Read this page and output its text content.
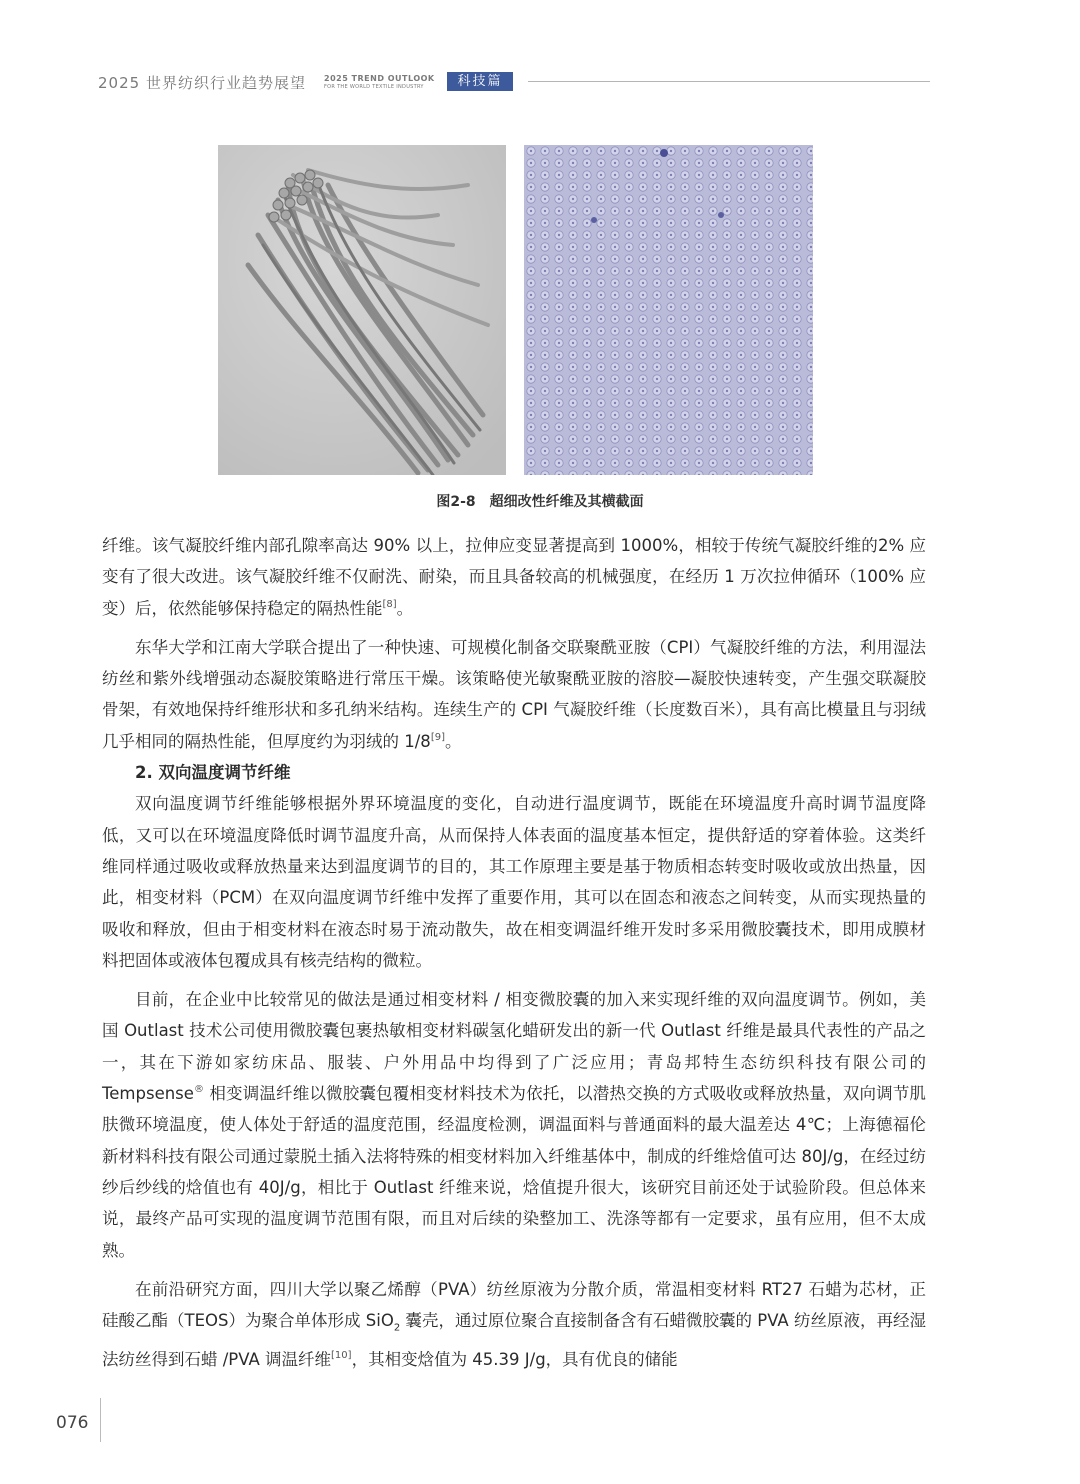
2025 世界纺织行业趋势展望 2025 TREND OUTLOOK
FOR THE WORLD TEXTILE INDUSTRY	科技篇
图2-8　超细改性纤维及其横截面

纤维。该气凝胶纤维内部孔隙率高达 90% 以上，拉伸应变显著提高到 1000%，相较于传统气凝胶纤维的2% 应变有了很大改进。该气凝胶纤维不仅耐洗、耐染，而且具备较高的机械强度，在经历 1 万次拉伸循环（100% 应变）后，依然能够保持稳定的隔热性能[8]。

东华大学和江南大学联合提出了一种快速、可规模化制备交联聚酰亚胺（CPI）气凝胶纤维的方法，利用湿法纺丝和紫外线增强动态凝胶策略进行常压干燥。该策略使光敏聚酰亚胺的溶胶—凝胶快速转变，产生强交联凝胶骨架，有效地保持纤维形状和多孔纳米结构。连续生产的 CPI 气凝胶纤维（长度数百米），具有高比模量且与羽绒几乎相同的隔热性能，但厚度约为羽绒的 1/8[9]。

2. 双向温度调节纤维

双向温度调节纤维能够根据外界环境温度的变化，自动进行温度调节，既能在环境温度升高时调节温度降低，又可以在环境温度降低时调节温度升高，从而保持人体表面的温度基本恒定，提供舒适的穿着体验。这类纤维同样通过吸收或释放热量来达到温度调节的目的，其工作原理主要是基于物质相态转变时吸收或放出热量，因此，相变材料（PCM）在双向温度调节纤维中发挥了重要作用，其可以在固态和液态之间转变，从而实现热量的吸收和释放，但由于相变材料在液态时易于流动散失，故在相变调温纤维开发时多采用微胶囊技术，即用成膜材料把固体或液体包覆成具有核壳结构的微粒。

目前，在企业中比较常见的做法是通过相变材料 / 相变微胶囊的加入来实现纤维的双向温度调节。例如，美国 Outlast 技术公司使用微胶囊包裹热敏相变材料碳氢化蜡研发出的新一代 Outlast 纤维是最具代表性的产品之一，其在下游如家纺床品、服装、户外用品中均得到了广泛应用；青岛邦特生态纺织科技有限公司的 Tempsense® 相变调温纤维以微胶囊包覆相变材料技术为依托，以潜热交换的方式吸收或释放热量，双向调节肌肤微环境温度，使人体处于舒适的温度范围，经温度检测，调温面料与普通面料的最大温差达 4℃；上海德福伦新材料科技有限公司通过蒙脱土插入法将特殊的相变材料加入纤维基体中，制成的纤维焓值可达 80J/g，在经过纺纱后纱线的焓值也有 40J/g，相比于 Outlast 纤维来说，焓值提升很大，该研究目前还处于试验阶段。但总体来说，最终产品可实现的温度调节范围有限，而且对后续的染整加工、洗涤等都有一定要求，虽有应用，但不太成熟。

在前沿研究方面，四川大学以聚乙烯醇（PVA）纺丝原液为分散介质，常温相变材料 RT27 石蜡为芯材，正硅酸乙酯（TEOS）为聚合单体形成 SiO$_2$ 囊壳，通过原位聚合直接制备含有石蜡微胶囊的 PVA 纺丝原液，再经湿法纺丝得到石蜡 /PVA 调温纤维[10]，其相变焓值为 45.39 J/g，具有优良的储能

076
